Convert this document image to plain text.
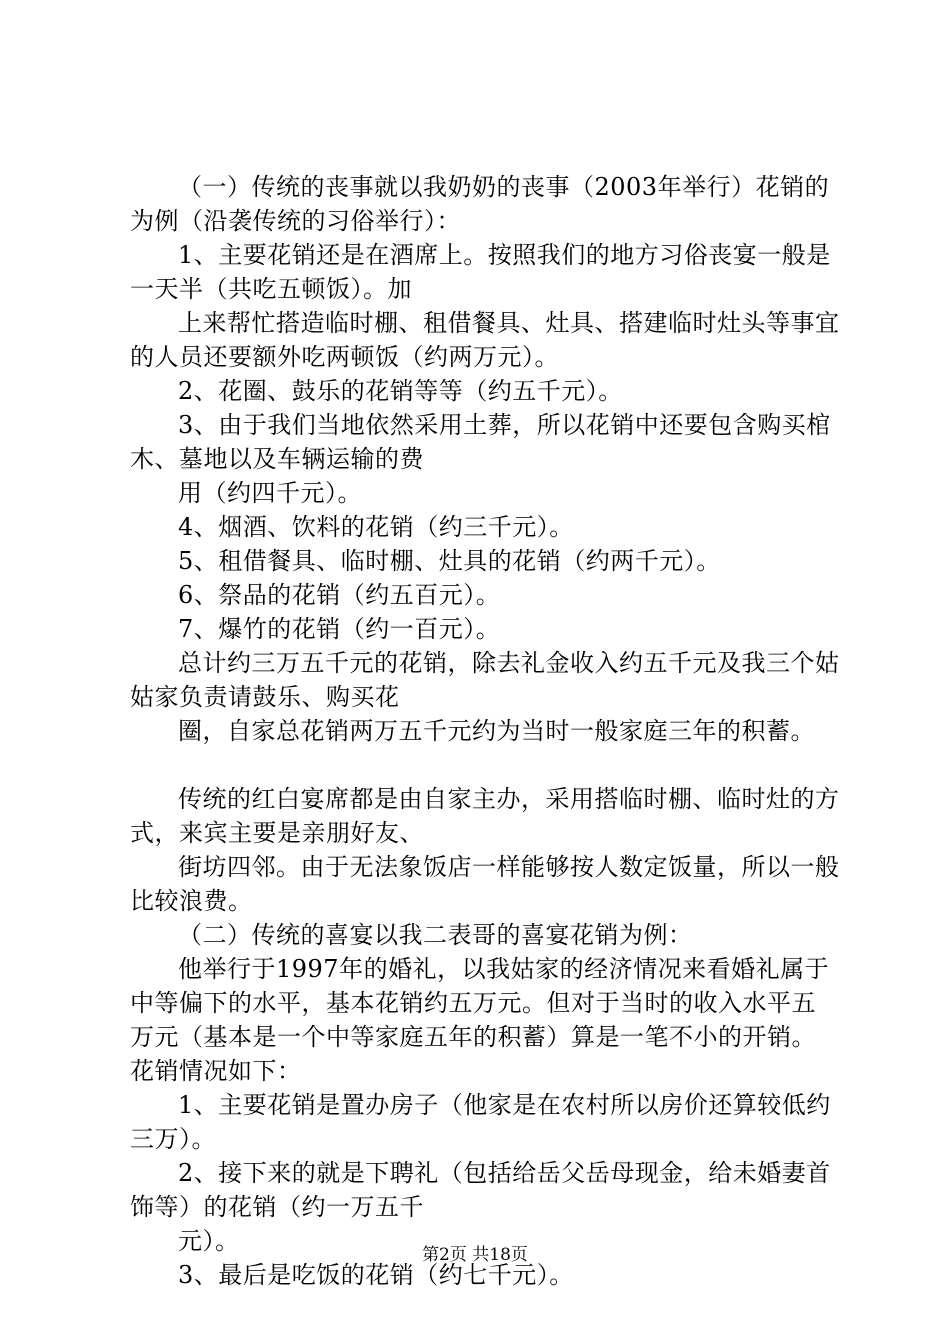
（一）传统的丧事就以我奶奶的丧事（2003年举行）花销的为例（沿袭传统的习俗举行）：

1、主要花销还是在酒席上。按照我们的地方习俗丧宴一般是一天半（共吃五顿饭）。加

上来帮忙搭造临时棚、租借餐具、灶具、搭建临时灶头等事宜的人员还要额外吃两顿饭（约两万元）。

2、花圈、鼓乐的花销等等（约五千元）。

3、由于我们当地依然采用土葬，所以花销中还要包含购买棺木、墓地以及车辆运输的费

用（约四千元）。

4、烟酒、饮料的花销（约三千元）。

5、租借餐具、临时棚、灶具的花销（约两千元）。

6、祭品的花销（约五百元）。

7、爆竹的花销（约一百元）。

总计约三万五千元的花销，除去礼金收入约五千元及我三个姑姑家负责请鼓乐、购买花

圈，自家总花销两万五千元约为当时一般家庭三年的积蓄。

传统的红白宴席都是由自家主办，采用搭临时棚、临时灶的方式，来宾主要是亲朋好友、

街坊四邻。由于无法象饭店一样能够按人数定饭量，所以一般比较浪费。

（二）传统的喜宴以我二表哥的喜宴花销为例：

他举行于1997年的婚礼，以我姑家的经济情况来看婚礼属于中等偏下的水平，基本花销约五万元。但对于当时的收入水平五万元（基本是一个中等家庭五年的积蓄）算是一笔不小的开销。花销情况如下：

1、主要花销是置办房子（他家是在农村所以房价还算较低约三万）。

2、接下来的就是下聘礼（包括给岳父岳母现金，给未婚妻首饰等）的花销（约一万五千

元）。

3、最后是吃饭的花销（约七千元）。

第2页 共18页
